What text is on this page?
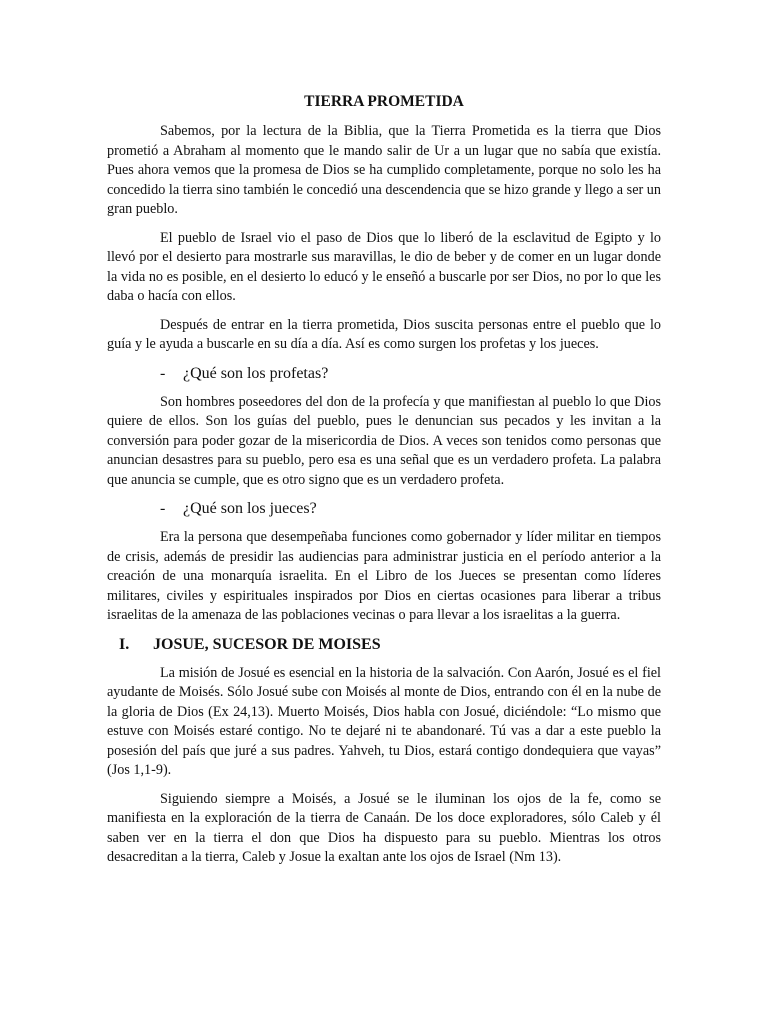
TIERRA PROMETIDA

Sabemos, por la lectura de la Biblia, que la Tierra Prometida es la tierra que Dios prometió a Abraham al momento que le mando salir de Ur a un lugar que no sabía que existía. Pues ahora vemos que la promesa de Dios se ha cumplido completamente, porque no solo les ha concedido la tierra sino también le concedió una descendencia que se hizo grande y llego a ser un gran pueblo.

El pueblo de Israel vio el paso de Dios que lo liberó de la esclavitud de Egipto y lo llevó por el desierto para mostrarle sus maravillas, le dio de beber y de comer en un lugar donde la vida no es posible, en el desierto lo educó y le enseñó a buscarle por ser Dios, no por lo que les daba o hacía con ellos.

Después de entrar en la tierra prometida, Dios suscita personas entre el pueblo que lo guía y le ayuda a buscarle en su día a día. Así es como surgen los profetas y los jueces.

-	¿Qué son los profetas?

Son hombres poseedores del don de la profecía y que manifiestan al pueblo lo que Dios quiere de ellos. Son los guías del pueblo, pues le denuncian sus pecados y les invitan a la conversión para poder gozar de la misericordia de Dios. A veces son tenidos como personas que anuncian desastres para su pueblo, pero esa es una señal que es un verdadero profeta. La palabra que anuncia se cumple, que es otro signo que es un verdadero profeta.

-	¿Qué son los jueces?

Era la persona que desempeñaba funciones como gobernador y líder militar en tiempos de crisis, además de presidir las audiencias para administrar justicia en el período anterior a la creación de una monarquía israelita. En el Libro de los Jueces se presentan como líderes militares, civiles y espirituales inspirados por Dios en ciertas ocasiones para liberar a tribus israelitas de la amenaza de las poblaciones vecinas o para llevar a los israelitas a la guerra.

I.	JOSUE, SUCESOR DE MOISES

La misión de Josué es esencial en la historia de la salvación. Con Aarón, Josué es el fiel ayudante de Moisés. Sólo Josué sube con Moisés al monte de Dios, entrando con él en la nube de la gloria de Dios (Ex 24,13). Muerto Moisés, Dios habla con Josué, diciéndole: “Lo mismo que estuve con Moisés estaré contigo. No te dejaré ni te abandonaré. Tú vas a dar a este pueblo la posesión del país que juré a sus padres. Yahveh, tu Dios, estará contigo dondequiera que vayas” (Jos 1,1-9).

Siguiendo siempre a Moisés, a Josué se le iluminan los ojos de la fe, como se manifiesta en la exploración de la tierra de Canaán. De los doce exploradores, sólo Caleb y él saben ver en la tierra el don que Dios ha dispuesto para su pueblo. Mientras los otros desacreditan a la tierra, Caleb y Josue la exaltan ante los ojos de Israel (Nm 13).
